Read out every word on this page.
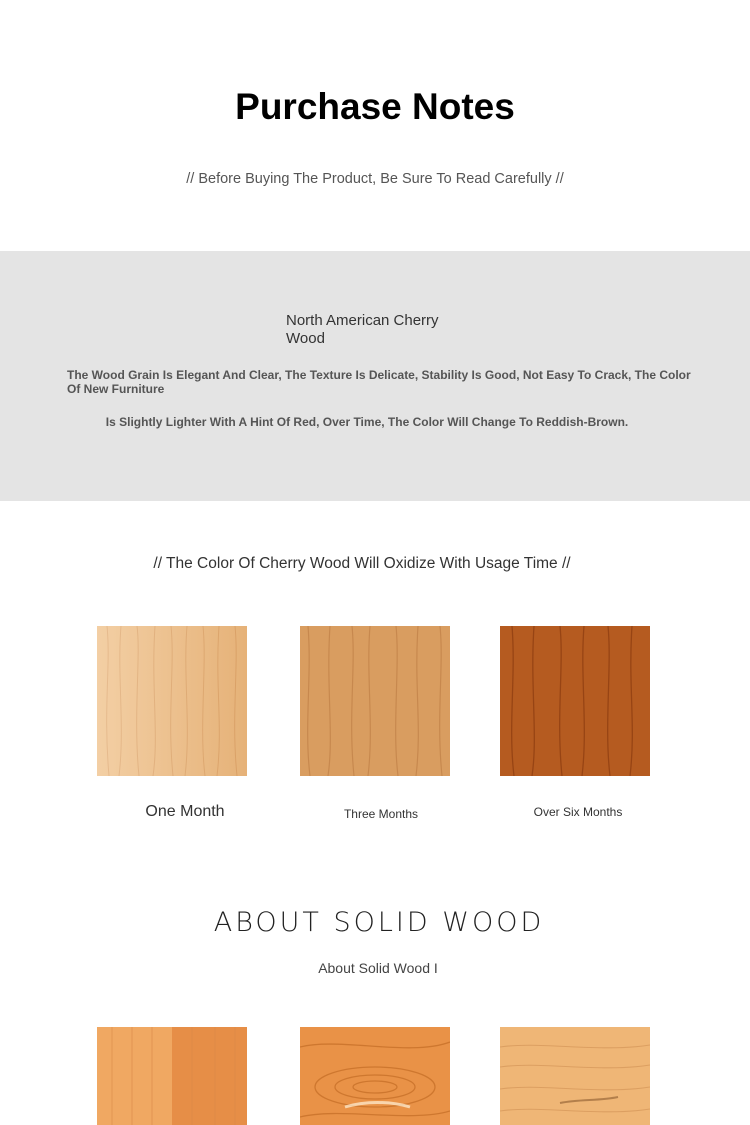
Purchase Notes
// Before Buying The Product, Be Sure To Read Carefully //
North American Cherry Wood
The Wood Grain Is Elegant And Clear, The Texture Is Delicate, Stability Is Good, Not Easy To Crack, The Color Of New Furniture
Is Slightly Lighter With A Hint Of Red, Over Time, The Color Will Change To Reddish-Brown.
// The Color Of Cherry Wood Will Oxidize With Usage Time //
One Month	Three Months	Over Six Months
ABOUT SOLID WOOD
About Solid Wood I
